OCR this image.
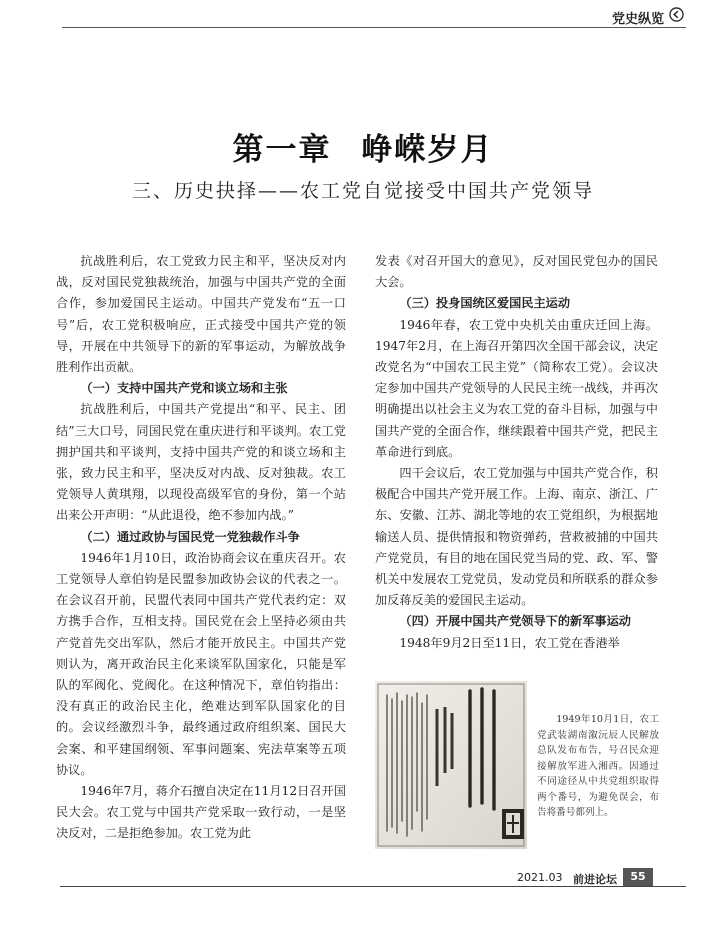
党史纵览
第一章 峥嵘岁月
三、历史抉择——农工党自觉接受中国共产党领导

抗战胜利后，农工党致力民主和平，坚决反对内战，反对国民党独裁统治，加强与中国共产党的全面合作，参加爱国民主运动。中国共产党发布“五一口号”后，农工党积极响应，正式接受中国共产党的领导，开展在中共领导下的新的军事运动，为解放战争胜利作出贡献。

（一）支持中国共产党和谈立场和主张

抗战胜利后，中国共产党提出“和平、民主、团结”三大口号，同国民党在重庆进行和平谈判。农工党拥护国共和平谈判，支持中国共产党的和谈立场和主张，致力民主和平，坚决反对内战、反对独裁。农工党领导人黄琪翔，以现役高级军官的身份，第一个站出来公开声明：“从此退役，绝不参加内战。”

（二）通过政协与国民党一党独裁作斗争

1946年1月10日，政治协商会议在重庆召开。农工党领导人章伯钧是民盟参加政协会议的代表之一。在会议召开前，民盟代表同中国共产党代表约定：双方携手合作，互相支持。国民党在会上坚持必须由共产党首先交出军队，然后才能开放民主。中国共产党则认为，离开政治民主化来谈军队国家化，只能是军队的军阀化、党阀化。在这种情况下，章伯钧指出：没有真正的政治民主化，绝难达到军队国家化的目的。会议经激烈斗争，最终通过政府组织案、国民大会案、和平建国纲领、军事问题案、宪法草案等五项协议。

1946年7月，蒋介石擅自决定在11月12日召开国民大会。农工党与中国共产党采取一致行动，一是坚决反对，二是拒绝参加。农工党为此

发表《对召开国大的意见》，反对国民党包办的国民大会。

（三）投身国统区爱国民主运动

1946年春，农工党中央机关由重庆迁回上海。1947年2月，在上海召开第四次全国干部会议，决定改党名为“中国农工民主党”（简称农工党）。会议决定参加中国共产党领导的人民民主统一战线，并再次明确提出以社会主义为农工党的奋斗目标，加强与中国共产党的全面合作，继续跟着中国共产党，把民主革命进行到底。

四干会议后，农工党加强与中国共产党合作，积极配合中国共产党开展工作。上海、南京、浙江、广东、安徽、江苏、湖北等地的农工党组织，为根据地输送人员、提供情报和物资弹药，营救被捕的中国共产党党员，有目的地在国民党当局的党、政、军、警机关中发展农工党党员，发动党员和所联系的群众参加反蒋反美的爱国民主运动。

（四）开展中国共产党领导下的新军事运动

1948年9月2日至11日，农工党在香港举

1949年10月1日，农工党武装湖南溆沅辰人民解放总队发布布告，号召民众迎接解放军进入湘西。因通过不同途径从中共党组织取得两个番号，为避免误会，布告将番号都列上。
2021.03 前进论坛	55
